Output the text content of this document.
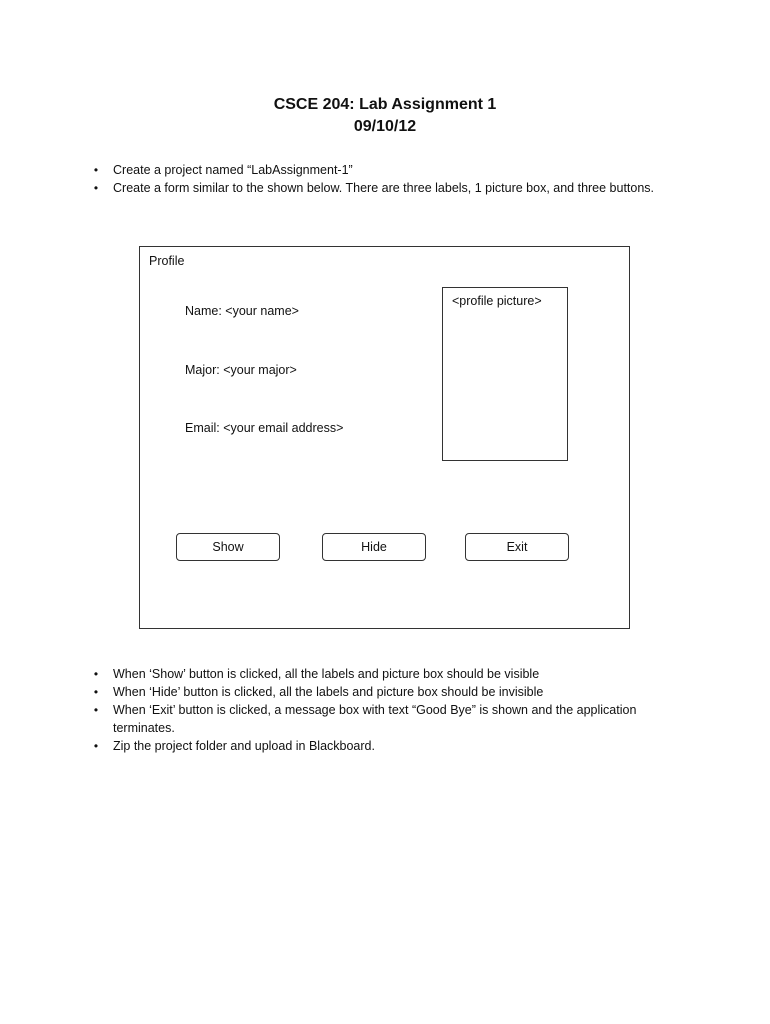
CSCE 204: Lab Assignment 1
09/10/12
• Create a project named “LabAssignment-1”
• Create a form similar to the shown below. There are three labels, 1 picture box, and three buttons.
Profile
Name: <your name>
Major: <your major>
Email: <your email address>
<profile picture>
Show	Hide	Exit
• When ‘Show’ button is clicked, all the labels and picture box should be visible
• When ‘Hide’ button is clicked, all the labels and picture box should be invisible
• When ‘Exit’ button is clicked, a message box with text “Good Bye” is shown and the application terminates.
• Zip the project folder and upload in Blackboard.
